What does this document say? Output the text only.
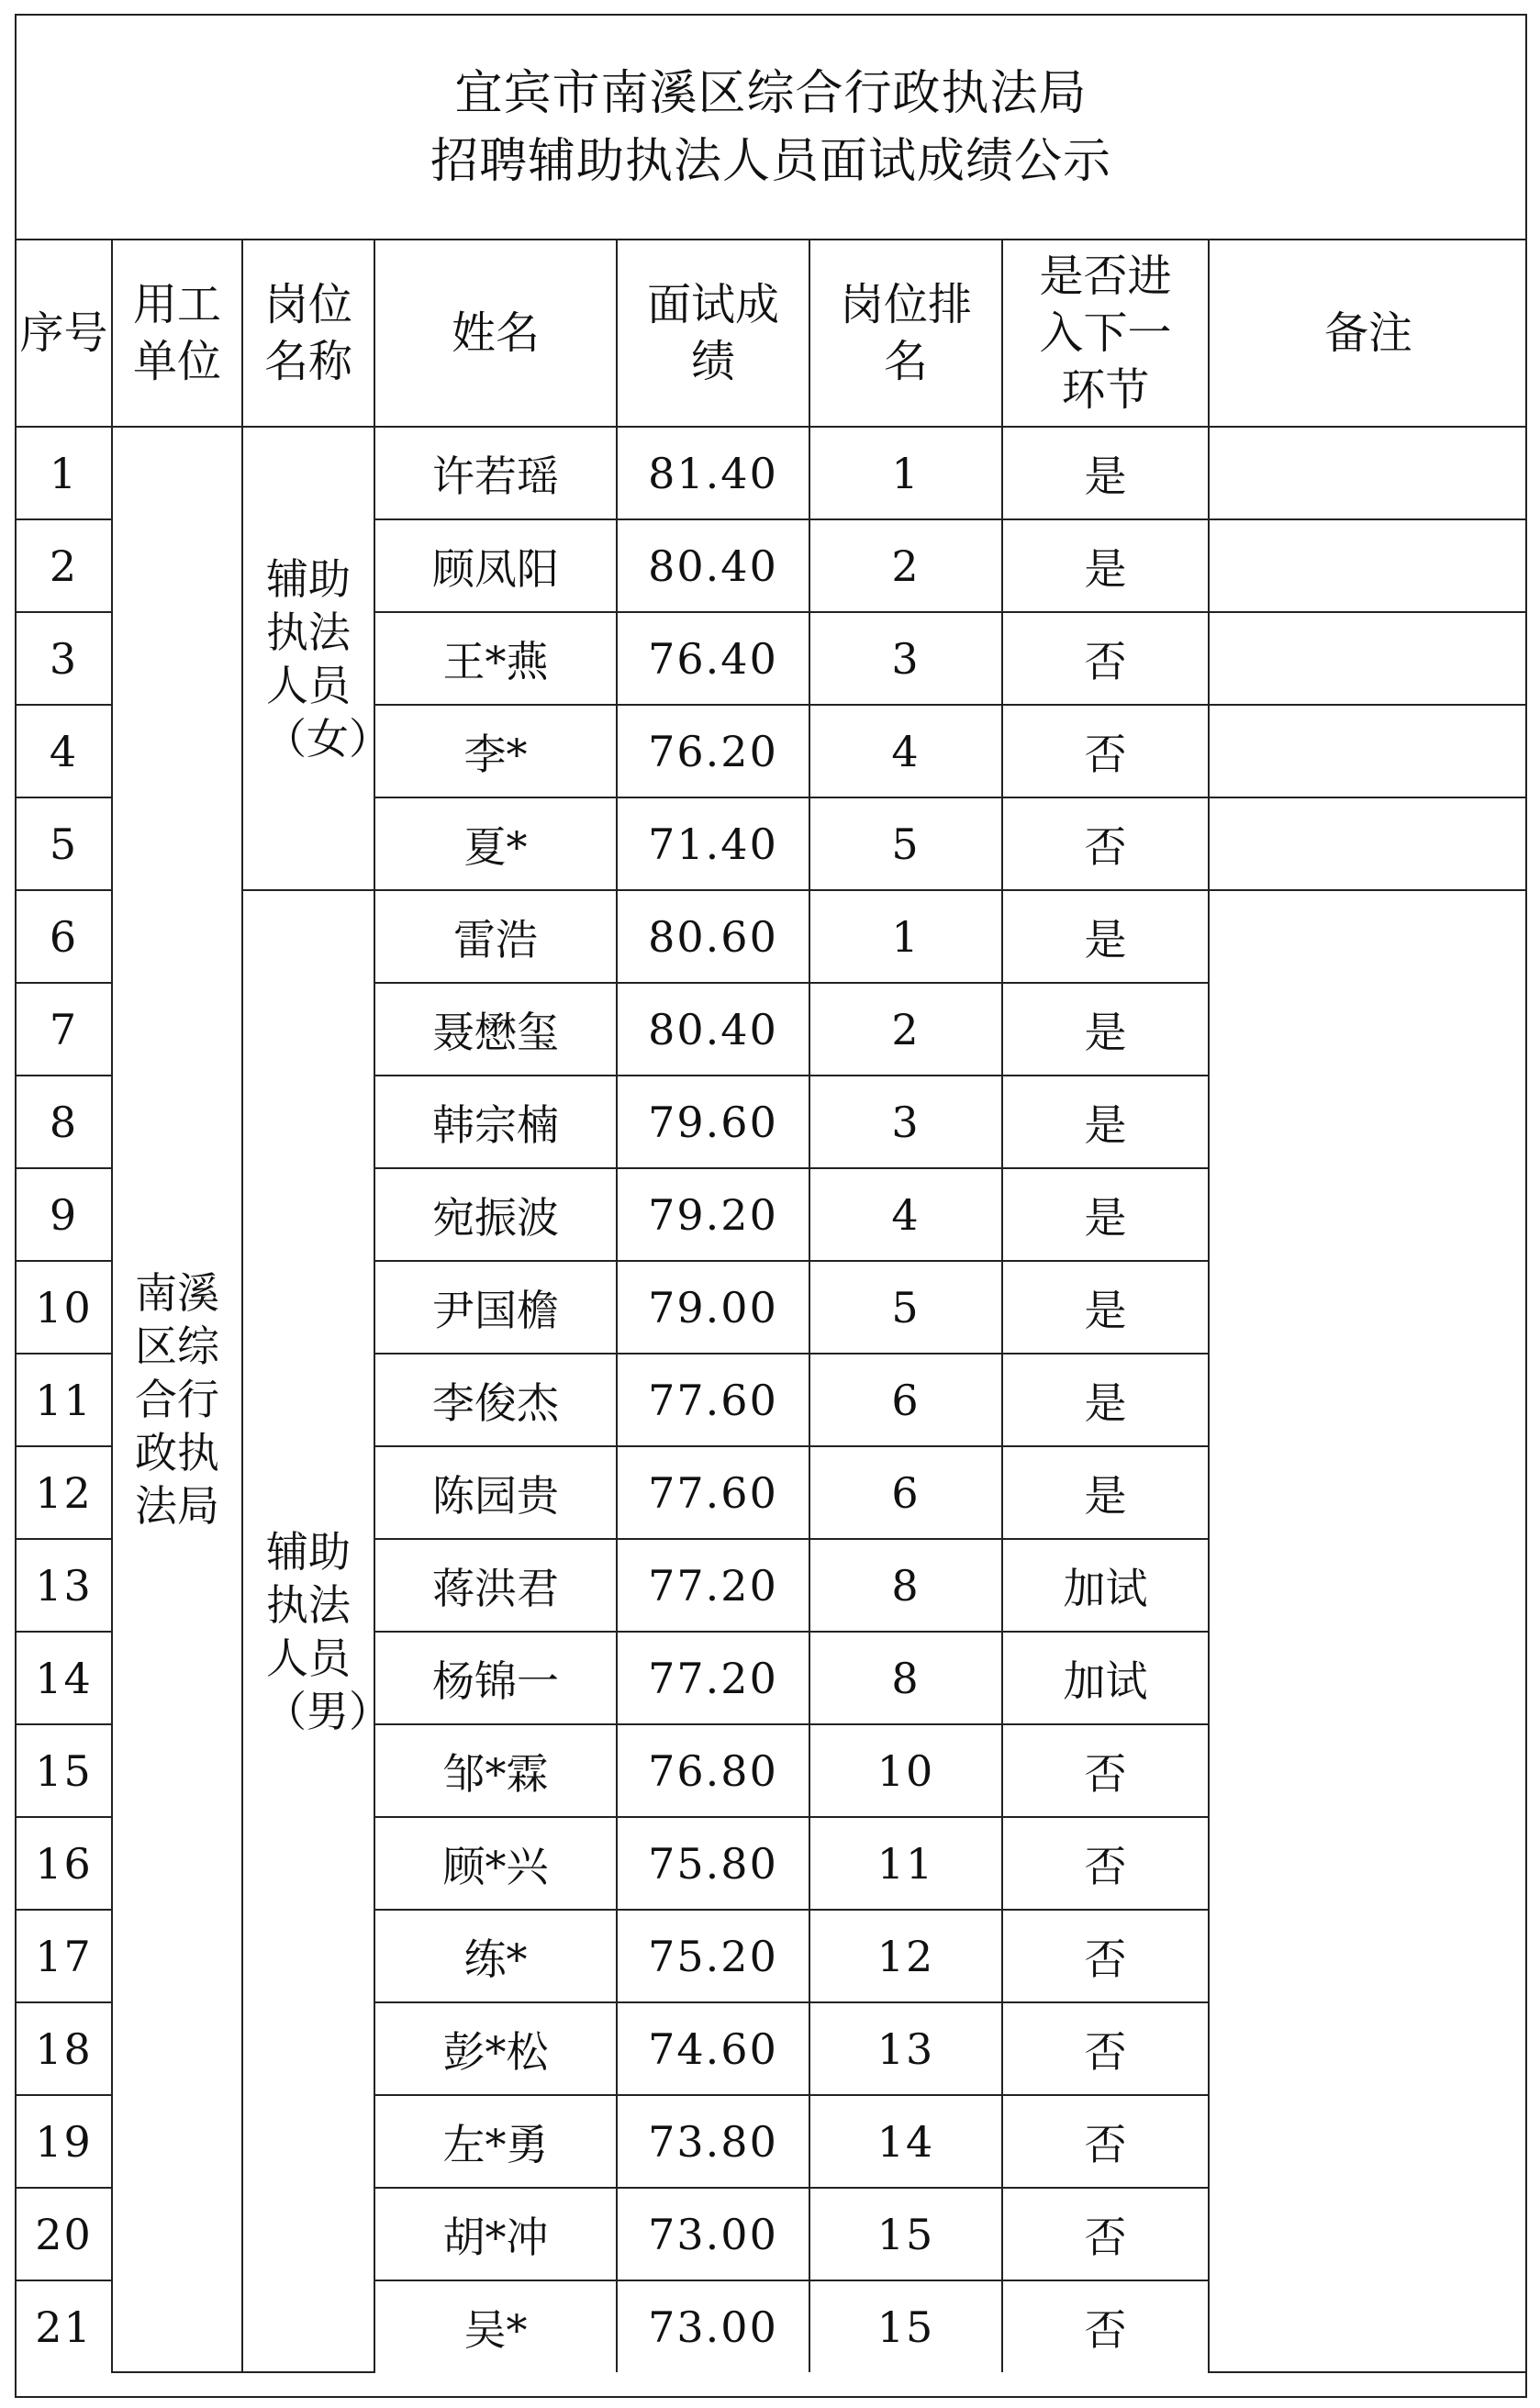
宜宾市南溪区综合行政执法局
招聘辅助执法人员面试成绩公示
序号	用工单位	岗位名称	姓名	面试成绩	岗位排名	是否进入下一环节	备注
1	南溪区综合行政执法局	辅助执法人员（女）	许若瑶	81.40	1	是	
2			顾凤阳	80.40	2	是	
3			王*燕	76.40	3	否	
4			李*	76.20	4	否	
5			夏*	71.40	5	否	
6		辅助执法人员（男）	雷浩	80.60	1	是	
7			聂懋玺	80.40	2	是	
8			韩宗楠	79.60	3	是	
9			宛振波	79.20	4	是	
10			尹国檐	79.00	5	是	
11			李俊杰	77.60	6	是	
12			陈园贵	77.60	6	是	
13			蒋洪君	77.20	8	加试	
14			杨锦一	77.20	8	加试	
15			邹*霖	76.80	10	否	
16			顾*兴	75.80	11	否	
17			练*	75.20	12	否	
18			彭*松	74.60	13	否	
19			左*勇	73.80	14	否	
20			胡*冲	73.00	15	否	
21			吴*	73.00	15	否	
